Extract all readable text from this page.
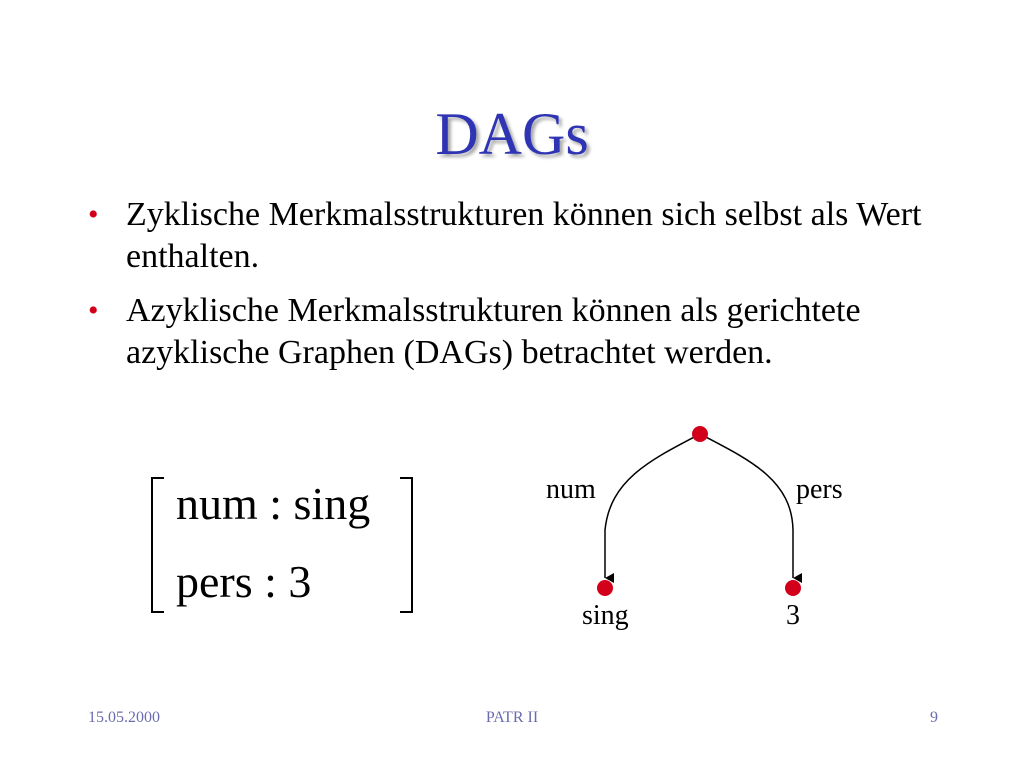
DAGs
• Zyklische Merkmalsstrukturen können sich selbst als Wert enthalten.
• Azyklische Merkmalsstrukturen können als gerichtete azyklische Graphen (DAGs) betrachtet werden.
num : sing
pers : 3
num	pers
sing	3
15.05.2000	PATR II	9
